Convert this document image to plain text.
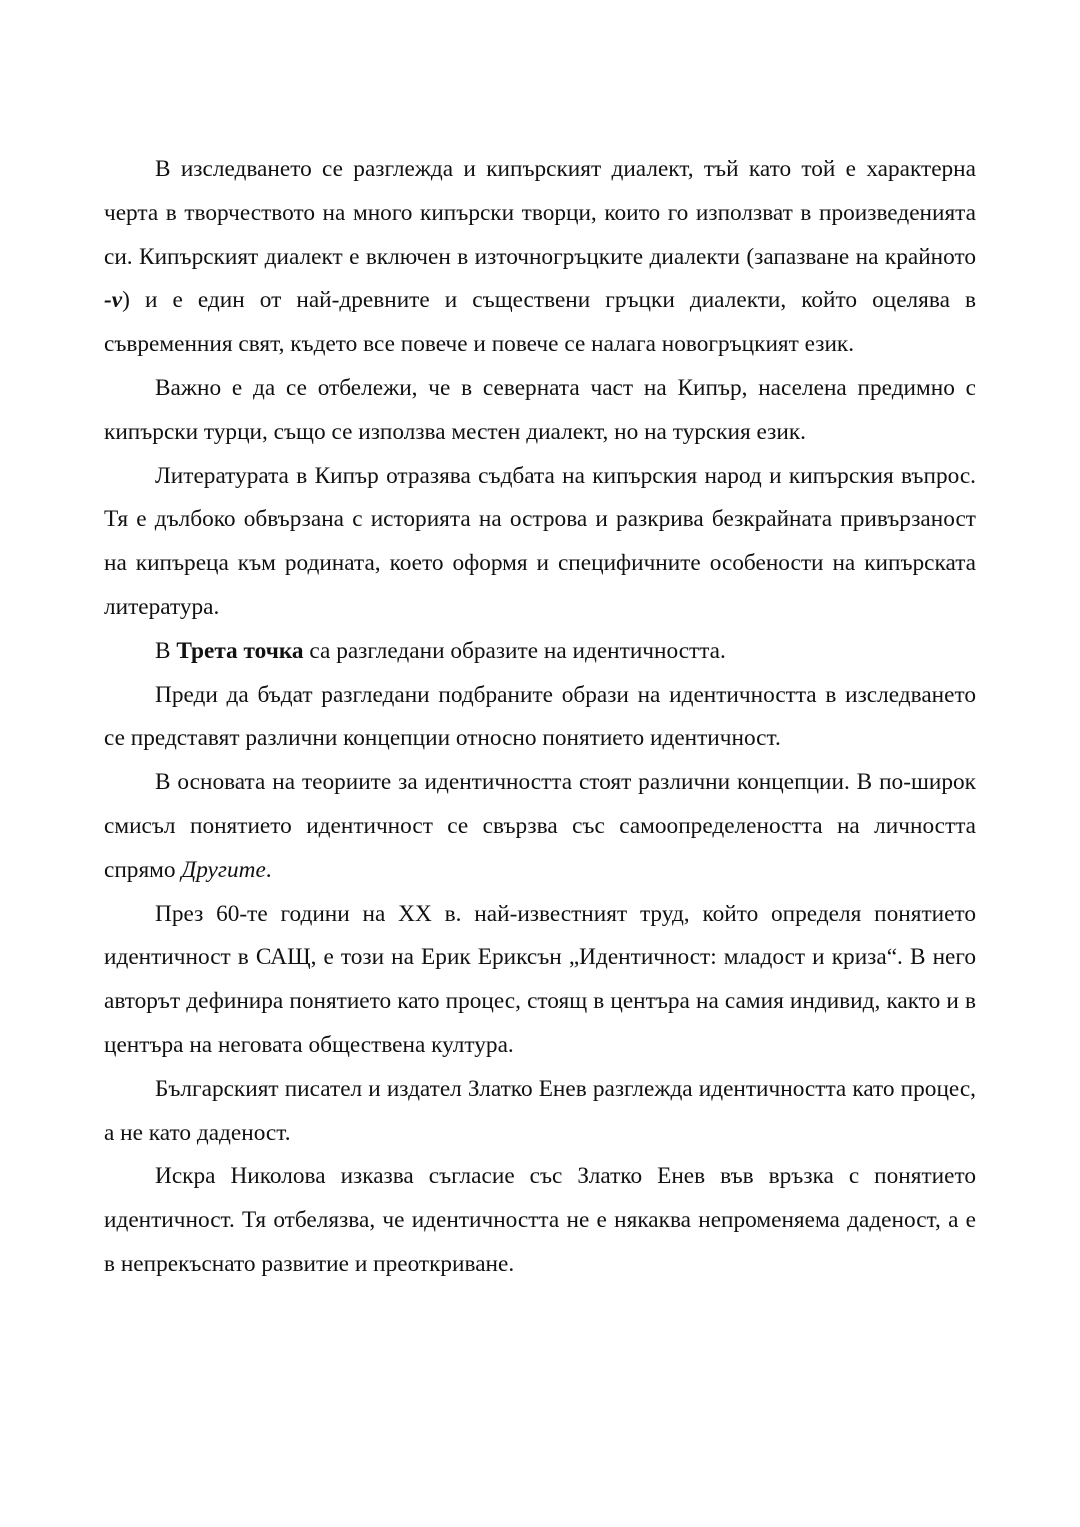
В изследването се разглежда и кипърският диалект, тъй като той е характерна черта в творчеството на много кипърски творци, които го използват в произведенията си. Кипърският диалект е включен в източногръцките диалекти (запазване на крайното -ν) и е един от най-древните и съществени гръцки диалекти, който оцелява в съвременния свят, където все повече и повече се налага новогръцкият език.

Важно е да се отбележи, че в северната част на Кипър, населена предимно с кипърски турци, също се използва местен диалект, но на турския език.

Литературата в Кипър отразява съдбата на кипърския народ и кипърския въпрос. Тя е дълбоко обвързана с историята на острова и разкрива безкрайната привързаност на кипъреца към родината, което оформя и специфичните особености на кипърската литература.

В Трета точка са разгледани образите на идентичността.

Преди да бъдат разгледани подбраните образи на идентичността в изследването се представят различни концепции относно понятието идентичност.

В основата на теориите за идентичността стоят различни концепции. В по-широк смисъл понятието идентичност се свързва със самоопределеността на личността спрямо Другите.

През 60-те години на XX в. най-известният труд, който определя понятието идентичност в САЩ, е този на Ерик Ериксън „Идентичност: младост и криза“. В него авторът дефинира понятието като процес, стоящ в центъра на самия индивид, както и в центъра на неговата обществена култура.

Българският писател и издател Златко Енев разглежда идентичността като процес, а не като даденост.

Искра Николова изказва съгласие със Златко Енев във връзка с понятието идентичност. Тя отбелязва, че идентичността не е някаква непроменяема даденост, а е в непрекъснато развитие и преоткриване.
